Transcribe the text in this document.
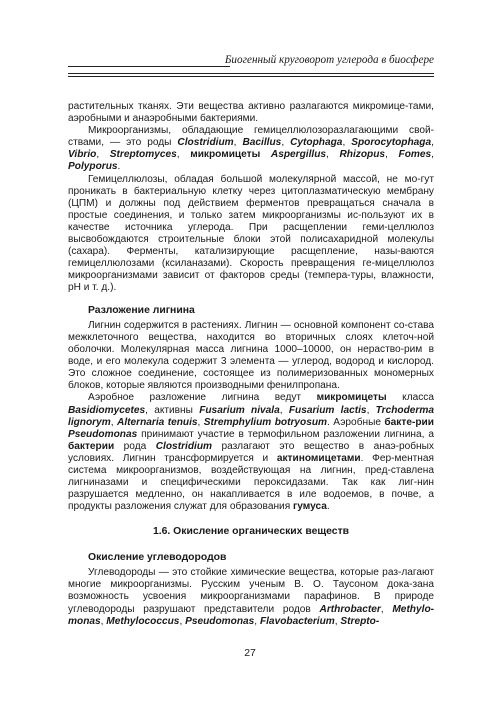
Биогенный круговорот углерода в биосфере

растительных тканях. Эти вещества активно разлагаются микромице-тами, аэробными и анаэробными бактериями.

Микроорганизмы, обладающие гемицеллюлозоразлагающими свой-ствами, — это роды Clostridium, Bacillus, Cytophaga, Sporocytophaga, Vibrio, Streptomyces, микромицеты Aspergillus, Rhizopus, Fomes, Polyporus.

Гемицеллюлозы, обладая большой молекулярной массой, не мо-гут проникать в бактериальную клетку через цитоплазматическую мембрану (ЦПМ) и должны под действием ферментов превращаться сначала в простые соединения, и только затем микроорганизмы ис-пользуют их в качестве источника углерода. При расщеплении геми-целлюлоз высвобождаются строительные блоки этой полисахаридной молекулы (сахара). Ферменты, катализирующие расщепление, назы-ваются гемицеллюлозами (ксиланазами). Скорость превращения ге-мицеллюлоз микроорганизмами зависит от факторов среды (темпера-туры, влажности, рН и т. д.).

Разложение лигнина

Лигнин содержится в растениях. Лигнин — основной компонент со-става межклеточного вещества, находится во вторичных слоях клеточ-ной оболочки. Молекулярная масса лигнина 1000–10000, он нераство-рим в воде, и его молекула содержит 3 элемента — углерод, водород и кислород. Это сложное соединение, состоящее из полимеризованных мономерных блоков, которые являются производными фенилпропана.

Аэробное разложение лигнина ведут микромицеты класса Basidiomycetes, активны Fusarium nivala, Fusarium lactis, Trchoderma lignorym, Alternaria tenuis, Stremphylium botryosum. Аэробные бакте-рии Pseudomonas принимают участие в термофильном разложении лигнина, а бактерии рода Clostridium разлагают это вещество в анаэ-робных условиях. Лигнин трансформируется и актиномицетами. Фер-ментная система микроорганизмов, воздействующая на лигнин, пред-ставлена лигниназами и специфическими пероксидазами. Так как лиг-нин разрушается медленно, он накапливается в иле водоемов, в почве, а продукты разложения служат для образования гумуса.

1.6. Окисление органических веществ
Окисление углеводородов

Углеводороды — это стойкие химические вещества, которые раз-лагают многие микроорганизмы. Русским ученым В. О. Таусоном дока-зана возможность усвоения микроорганизмами парафинов. В природе углеводороды разрушают представители родов Arthrobacter, Methylo-monas, Methylococcus, Pseudomonas, Flavobacterium, Strepto-

27
